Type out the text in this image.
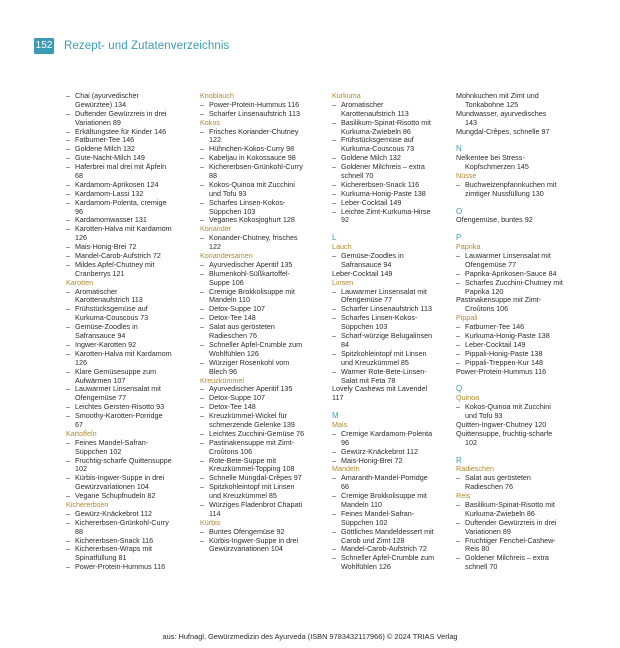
152 Rezept- und Zutatenverzeichnis
– Chai (ayurvedischer
Gewürztee) 134
– Duftender Gewürzreis in drei
Variationen 89
– Erkältungstee für Kinder 146
– Fatburner-Tee 146
– Goldene Milch 132
– Gute-Nacht-Milch 149
– Haferbrei mal drei mit Äpfeln
68
– Kardamom-Aprikosen 124
– Kardamom-Lassi 132
– Kardamom-Polenta, cremige
96
– Kardamomwasser 131
– Karotten-Halva mit Kardamom
126
– Mais-Honig-Brei 72
– Mandel-Carob-Aufstrich 72
– Mildes Apfel-Chutney mit
Cranberrys 121
Karotten
– Aromatischer
Karottenaufstrich 113
– Frühstücksgemüse auf
Kurkuma-Couscous 73
– Gemüse-Zoodles in
Safransauce 94
– Ingwer-Karotten 92
– Karotten-Halva mit Kardamom
126
– Klare Gemüsesuppe zum
Aufwärmen 107
– Lauwarmer Linsensalat mit
Ofengemüse 77
– Leichtes Gersten-Risotto 93
– Smoothy-Karotten-Porridge
67
Kartoffeln
– Feines Mandel-Safran-
Süppchen 102
– Fruchtig-scharfe Quittensuppe
102
– Kürbis-Ingwer-Suppe in drei
Gewürzvariationen 104
– Vegane Schupfnudeln 82
Kichererbsen
– Gewürz-Knäckebrot 112
– Kichererbsen-Grünkohl-Curry
88
– Kichererbsen-Snack 116
– Kichererbsen-Wraps mit
Spinatfüllung 81
– Power-Protein-Hummus 116
Knoblauch
– Power-Protein-Hummus 116
– Scharfer Linsenaufstrich 113
Kokos
– Frisches Koriander-Chutney
122
– Hühnchen-Kokos-Curry 98
– Kabeljau in Kokossauce 98
– Kichererbsen-Grünkohl-Curry
88
– Kokos-Quinoa mit Zucchini
und Tofu 93
– Scharfes Linsen-Kokos-
Süppchen 103
– Veganes Kokosjoghurt 128
Koriander
– Koriander-Chutney, frisches
122
Koriandersamen
– Ayurvedischer Aperitif 135
– Blumenkohl-Süßkartoffel-
Suppe 106
– Cremige Brokkolisuppe mit
Mandeln 110
– Detox-Suppe 107
– Detox-Tee 148
– Salat aus gerösteten
Radieschen 76
– Schneller Apfel-Crumble zum
Wohlfühlen 126
– Würziger Rosenkohl vom
Blech 96
Kreuzkümmel
– Ayurvedischer Aperitif 135
– Detox-Suppe 107
– Detox-Tee 148
– Kreuzkümmel-Wickel für
schmerzende Gelenke 139
– Leichtes Zucchini-Gemüse 76
– Pastinakensuppe mit Zimt-
Croûtons 106
– Rote-Bete-Suppe mit
Kreuzkümmel-Topping 108
– Schnelle Mungdal-Crêpes 97
– Spitzkohleintopf mit Linsen
und Kreuzkümmel 85
– Würziges Fladenbrot Chapati
114
Kürbis
– Buntes Ofengemüse 92
– Kürbis-Ingwer-Suppe in drei
Gewürzvariationen 104
Kurkuma
– Aromatischer
Karottenaufstrich 113
– Basilikum-Spinat-Risotto mit
Kurkuma-Zwiebeln 86
– Frühstücksgemüse auf
Kurkuma-Couscous 73
– Goldene Milch 132
– Goldener Milchreis – extra
schnell 70
– Kichererbsen-Snack 116
– Kurkuma-Honig-Paste 138
– Leber-Cocktail 149
– Leichte Zimt-Kurkuma-Hirse
92
L
Lauch
– Gemüse-Zoodles in
Safransauce 94
Leber-Cocktail 149
Linsen
– Lauwarmer Linsensalat mit
Ofengemüse 77
– Scharfer Linsenaufstrich 113
– Scharfes Linsen-Kokos-
Süppchen 103
– Scharf-würzige Belugalinsen
84
– Spitzkohleintopf mit Linsen
und Kreuzkümmel 85
– Warmer Rote-Bete-Linsen-
Salat mit Feta 78
Lovely Cashews mit Lavendel
117
M
Mais
– Cremige Kardamom-Polenta
96
– Gewürz-Knäckebrot 112
– Mais-Honig-Brei 72
Mandeln
– Amaranth-Mandel-Porridge
66
– Cremige Brokkolisuppe mit
Mandeln 110
– Feines Mandel-Safran-
Süppchen 102
– Göttliches Mandeldessert mit
Carob und Zimt 128
– Mandel-Carob-Aufstrich 72
– Schneller Apfel-Crumble zum
Wohlfühlen 126
Mohnkuchen mit Zimt und
Tonkabohne 125
Mundwasser, ayurvedisches
143
Mungdal-Crêpes, schnelle 97
N
Nelkentee bei Stress-
Kopfschmerzen 145
Nüsse
– Buchweizenpfannkuchen mit
zimtiger Nussfüllung 130
O
Ofengemüse, buntes 92
P
Paprika
– Lauwarmer Linsensalat mit
Ofengemüse 77
– Paprika-Aprikosen-Sauce 84
– Scharfes Zucchini-Chutney mit
Paprika 120
Pastinakensuppe mit Zimt-
Croûtons 106
Pippali
– Fatburner-Tee 146
– Kurkuma-Honig-Paste 138
– Leber-Cocktail 149
– Pippali-Honig-Paste 138
– Pippali-Treppen-Kur 148
Power-Protein-Hummus 116
Q
Quinoa
– Kokos-Quinoa mit Zucchini
und Tofu 93
Quitten-Ingwer-Chutney 120
Quittensuppe, fruchtig-scharfe
102
R
Radieschen
– Salat aus gerösteten
Radieschen 76
Reis
– Basilikum-Spinat-Risotto mit
Kurkuma-Zwiebeln 86
– Duftender Gewürzreis in drei
Variationen 89
– Fruchtiger Fenchel-Cashew-
Reis 80
– Goldener Milchreis – extra
schnell 70
aus: Hufnagl, Gewürzmedizin des Ayurveda (ISBN 9783432117966) © 2024 TRIAS Verlag
